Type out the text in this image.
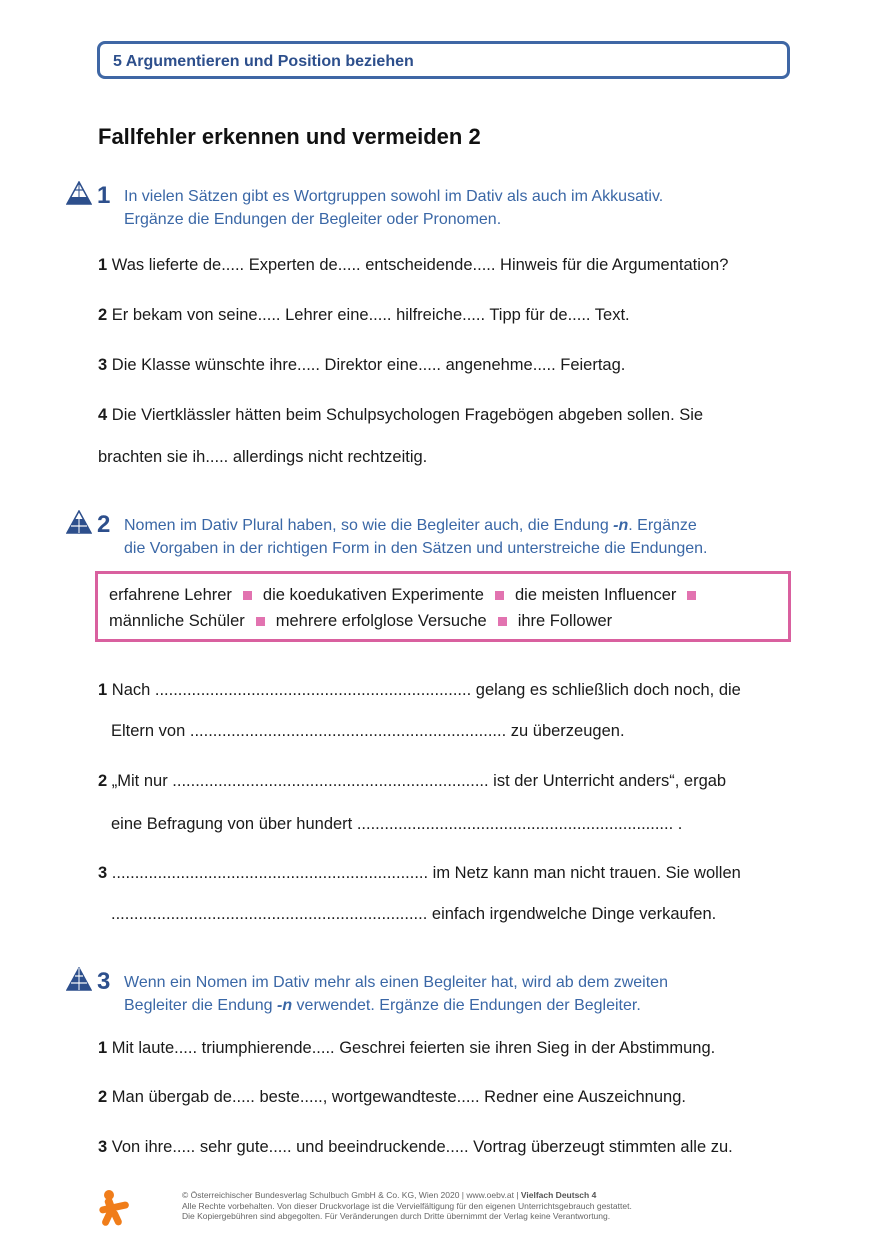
5 Argumentieren und Position beziehen
Fallfehler erkennen und vermeiden 2
1 In vielen Sätzen gibt es Wortgruppen sowohl im Dativ als auch im Akkusativ.
Ergänze die Endungen der Begleiter oder Pronomen.
1 Was lieferte de..... Experten de..... entscheidende..... Hinweis für die Argumentation?
2 Er bekam von seine..... Lehrer eine..... hilfreiche..... Tipp für de..... Text.
3 Die Klasse wünschte ihre..... Direktor eine..... angenehme..... Feiertag.
4 Die Viertklässler hätten beim Schulpsychologen Fragebögen abgeben sollen. Sie
brachten sie ih..... allerdings nicht rechtzeitig.
2 Nomen im Dativ Plural haben, so wie die Begleiter auch, die Endung -n. Ergänze
die Vorgaben in der richtigen Form in den Sätzen und unterstreiche die Endungen.
erfahrene Lehrer die koedukativen Experimente die meisten Influencer
männliche Schüler mehrere erfolglose Versuche ihre Follower
1 Nach ..................................................................... gelang es schließlich doch noch, die
Eltern von ..................................................................... zu überzeugen.
2 „Mit nur ..................................................................... ist der Unterricht anders“, ergab
eine Befragung von über hundert ..................................................................... .
3 ..................................................................... im Netz kann man nicht trauen. Sie wollen
..................................................................... einfach irgendwelche Dinge verkaufen.
3 Wenn ein Nomen im Dativ mehr als einen Begleiter hat, wird ab dem zweiten
Begleiter die Endung -n verwendet. Ergänze die Endungen der Begleiter.
1 Mit laute..... triumphierende..... Geschrei feierten sie ihren Sieg in der Abstimmung.
2 Man übergab de..... beste....., wortgewandteste..... Redner eine Auszeichnung.
3 Von ihre..... sehr gute..... und beeindruckende..... Vortrag überzeugt stimmten alle zu.
© Österreichischer Bundesverlag Schulbuch GmbH & Co. KG, Wien 2020 | www.oebv.at | Vielfach Deutsch 4
Alle Rechte vorbehalten. Von dieser Druckvorlage ist die Vervielfältigung für den eigenen Unterrichtsgebrauch gestattet.
Die Kopiergebühren sind abgegolten. Für Veränderungen durch Dritte übernimmt der Verlag keine Verantwortung.
